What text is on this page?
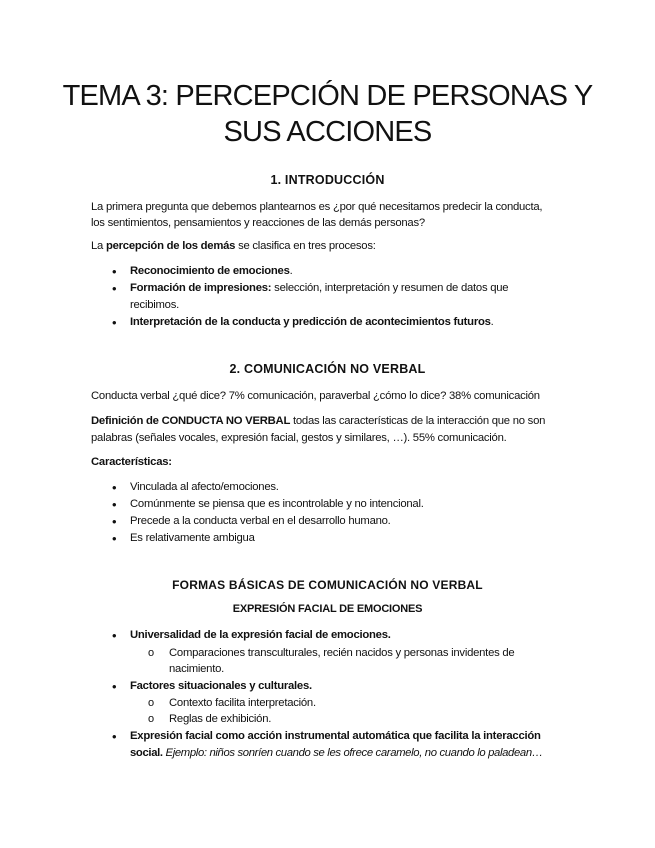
TEMA 3: PERCEPCIÓN DE PERSONAS Y
SUS ACCIONES
1. INTRODUCCIÓN
La primera pregunta que debemos plantearnos es ¿por qué necesitamos predecir la conducta,
los sentimientos, pensamientos y reacciones de las demás personas?
La percepción de los demás se clasifica en tres procesos:
• Reconocimiento de emociones.
• Formación de impresiones: selección, interpretación y resumen de datos que
recibimos.
• Interpretación de la conducta y predicción de acontecimientos futuros.
2. COMUNICACIÓN NO VERBAL
Conducta verbal ¿qué dice? 7% comunicación, paraverbal ¿cómo lo dice? 38% comunicación
Definición de CONDUCTA NO VERBAL todas las características de la interacción que no son
palabras (señales vocales, expresión facial, gestos y similares, …). 55% comunicación.
Características:
• Vinculada al afecto/emociones.
• Comúnmente se piensa que es incontrolable y no intencional.
• Precede a la conducta verbal en el desarrollo humano.
• Es relativamente ambigua
FORMAS BÁSICAS DE COMUNICACIÓN NO VERBAL
EXPRESIÓN FACIAL DE EMOCIONES
• Universalidad de la expresión facial de emociones.
o Comparaciones transculturales, recién nacidos y personas invidentes de
nacimiento.
• Factores situacionales y culturales.
o Contexto facilita interpretación.
o Reglas de exhibición.
• Expresión facial como acción instrumental automática que facilita la interacción
social. Ejemplo: niños sonríen cuando se les ofrece caramelo, no cuando lo paladean…
